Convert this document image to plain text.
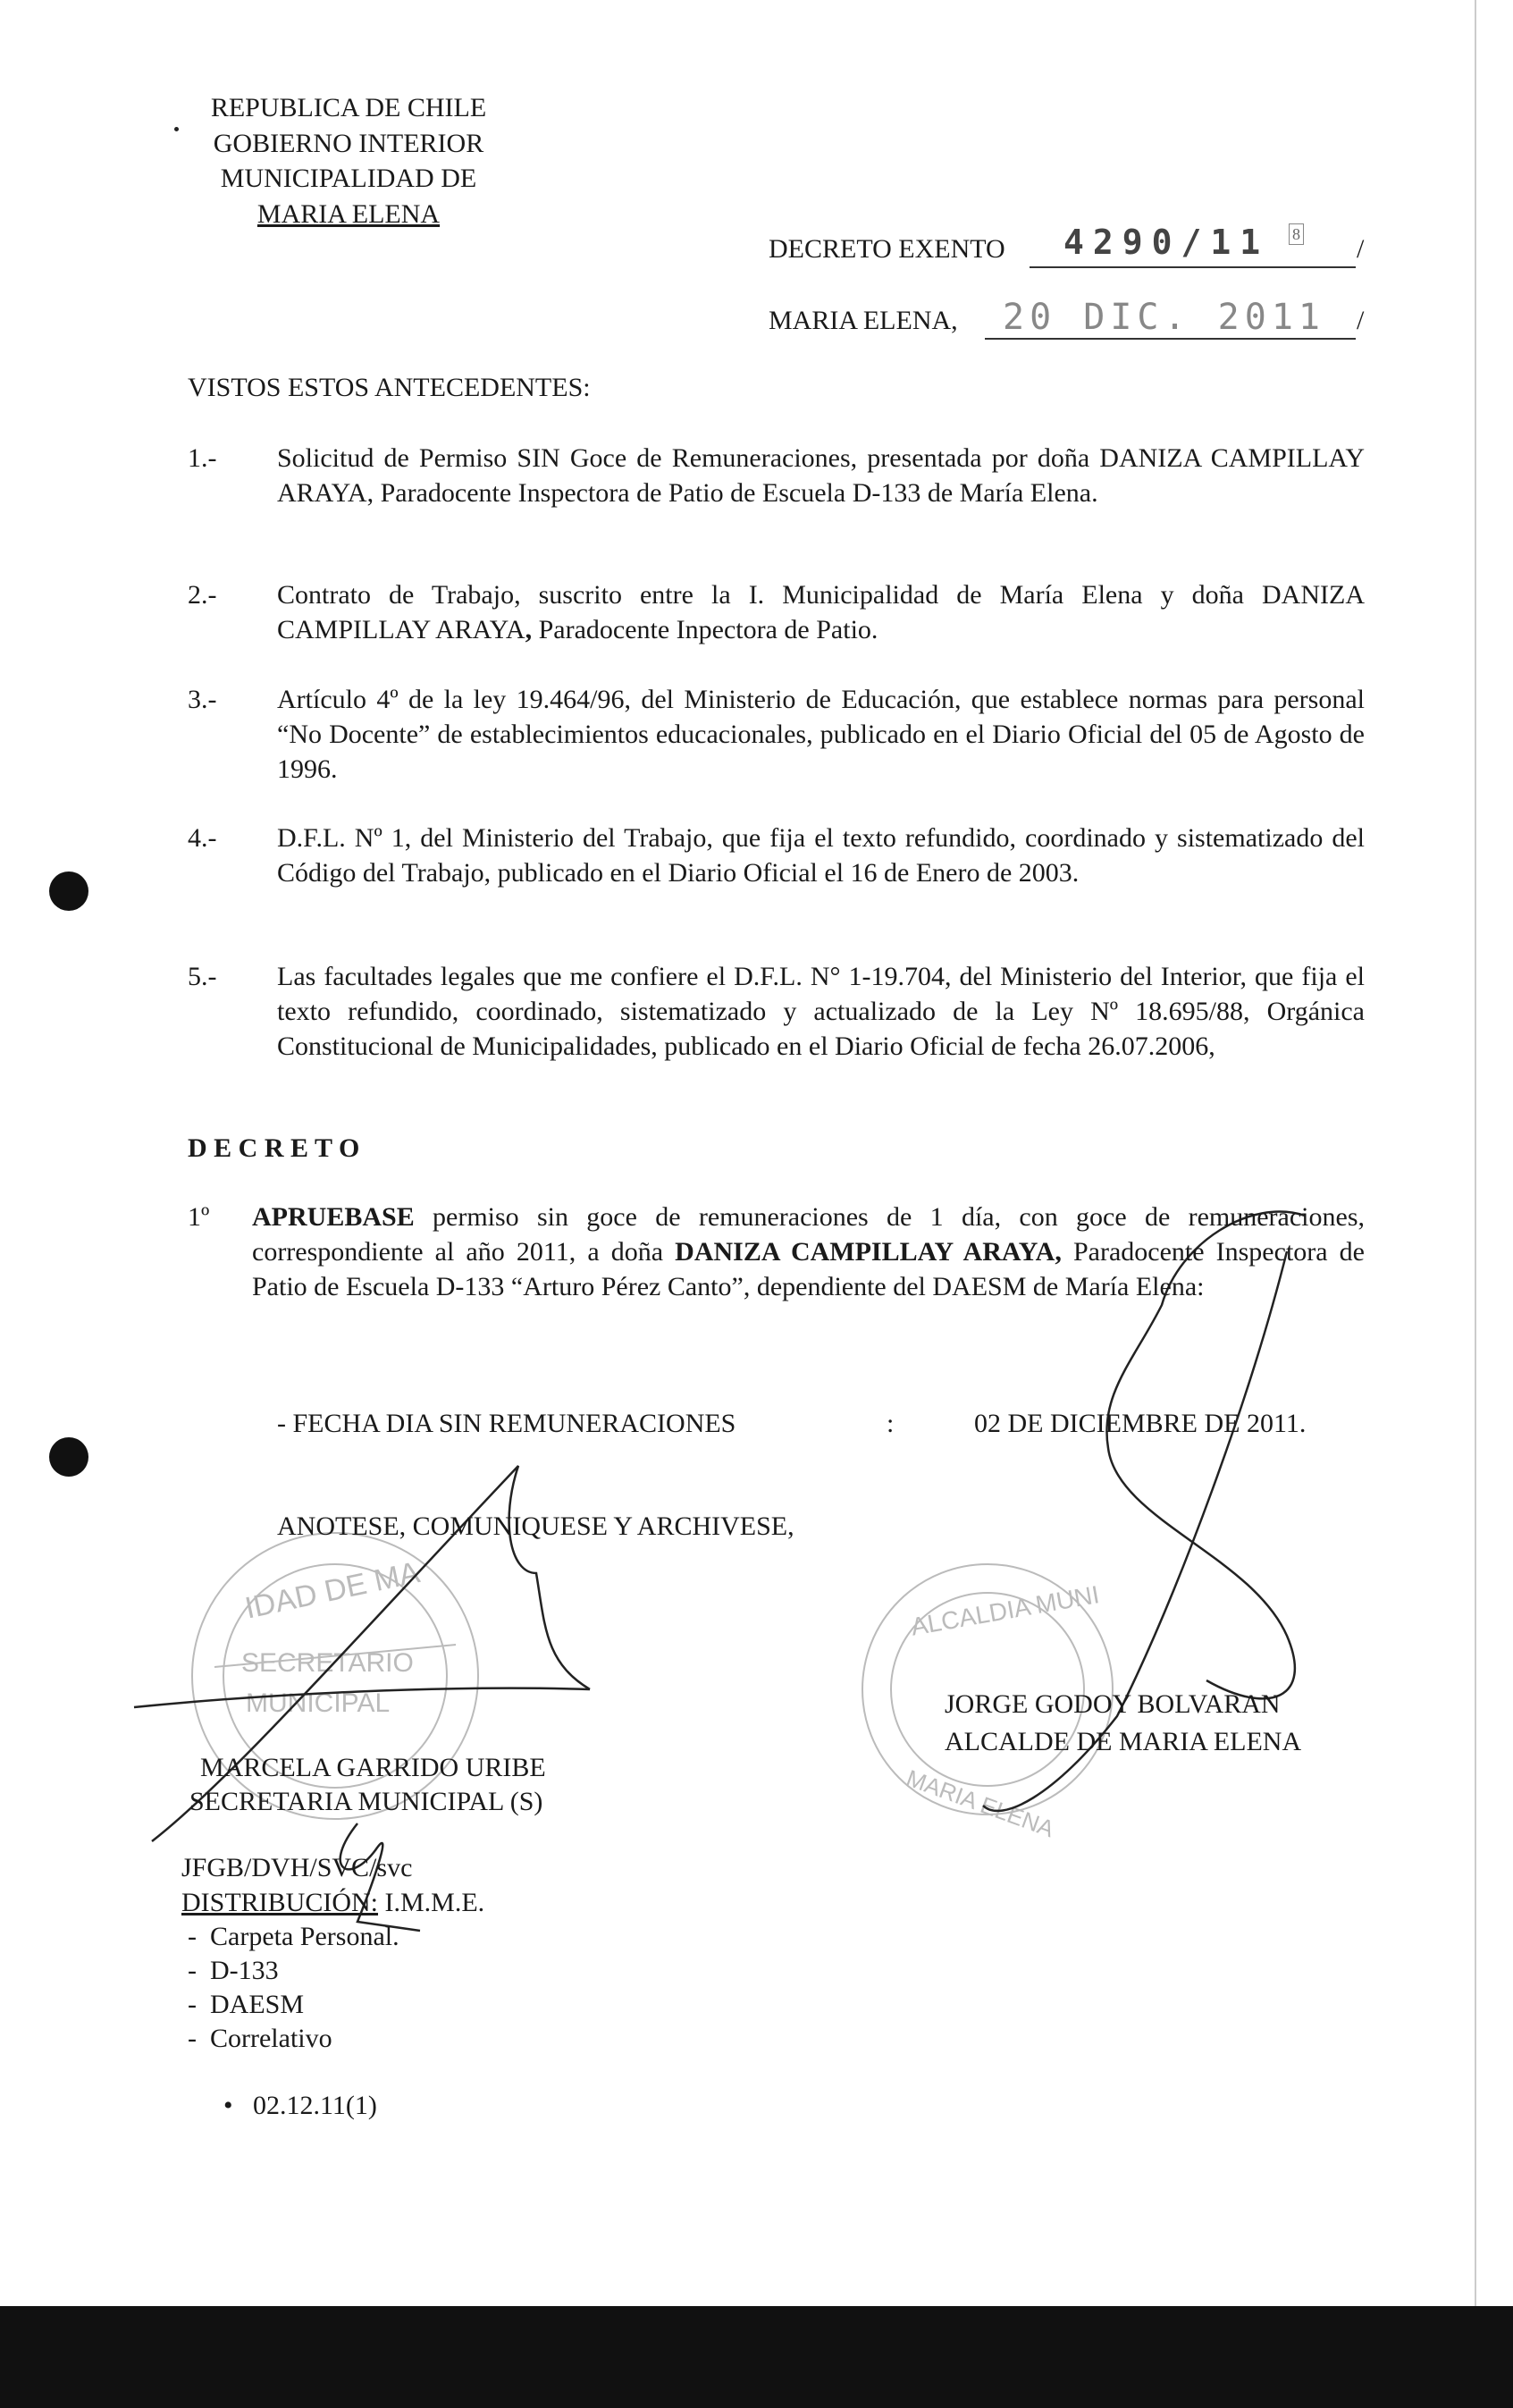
IDAD DE MA
SECRETARIO
MUNICIPAL
ALCALDIA MUNI
MARIA ELENA
REPUBLICA DE CHILE
GOBIERNO INTERIOR
MUNICIPALIDAD DE
MARIA ELENA
DECRETO EXENTO 4290/11 8 /
MARIA ELENA, 20 DIC. 2011 /
VISTOS ESTOS ANTECEDENTES:
1.- Solicitud de Permiso SIN Goce de Remuneraciones, presentada por doña DANIZA CAMPILLAY ARAYA, Paradocente Inspectora de Patio de Escuela D-133 de María Elena.
2.- Contrato de Trabajo, suscrito entre la I. Municipalidad de María Elena y doña DANIZA CAMPILLAY ARAYA, Paradocente Inpectora de Patio.
3.- Artículo 4º de la ley 19.464/96, del Ministerio de Educación, que establece normas para personal “No Docente” de establecimientos educacionales, publicado en el Diario Oficial del 05 de Agosto de 1996.
4.- D.F.L. Nº 1, del Ministerio del Trabajo, que fija el texto refundido, coordinado y sistematizado del Código del Trabajo, publicado en el Diario Oficial el 16 de Enero de 2003.
5.- Las facultades legales que me confiere el D.F.L. N° 1-19.704, del Ministerio del Interior, que fija el texto refundido, coordinado, sistematizado y actualizado de la Ley Nº 18.695/88, Orgánica Constitucional de Municipalidades, publicado en el Diario Oficial de fecha 26.07.2006,
D E C R E T O
1º APRUEBASE permiso sin goce de remuneraciones de 1 día, con goce de remuneraciones, correspondiente al año 2011, a doña DANIZA CAMPILLAY ARAYA, Paradocente Inspectora de Patio de Escuela D-133 “Arturo Pérez Canto”, dependiente del DAESM de María Elena:
- FECHA DIA SIN REMUNERACIONES	:	02 DE DICIEMBRE DE 2011.
ANOTESE, COMUNIQUESE Y ARCHIVESE,
JORGE GODOY BOLVARAN
ALCALDE DE MARIA ELENA
MARCELA GARRIDO URIBE
SECRETARIA MUNICIPAL (S)
JFGB/DVH/SVC/svc
DISTRIBUCIÓN: I.M.M.E.
-  Carpeta Personal.
-  D-133
-  DAESM
-  Correlativo
• 02.12.11(1)
